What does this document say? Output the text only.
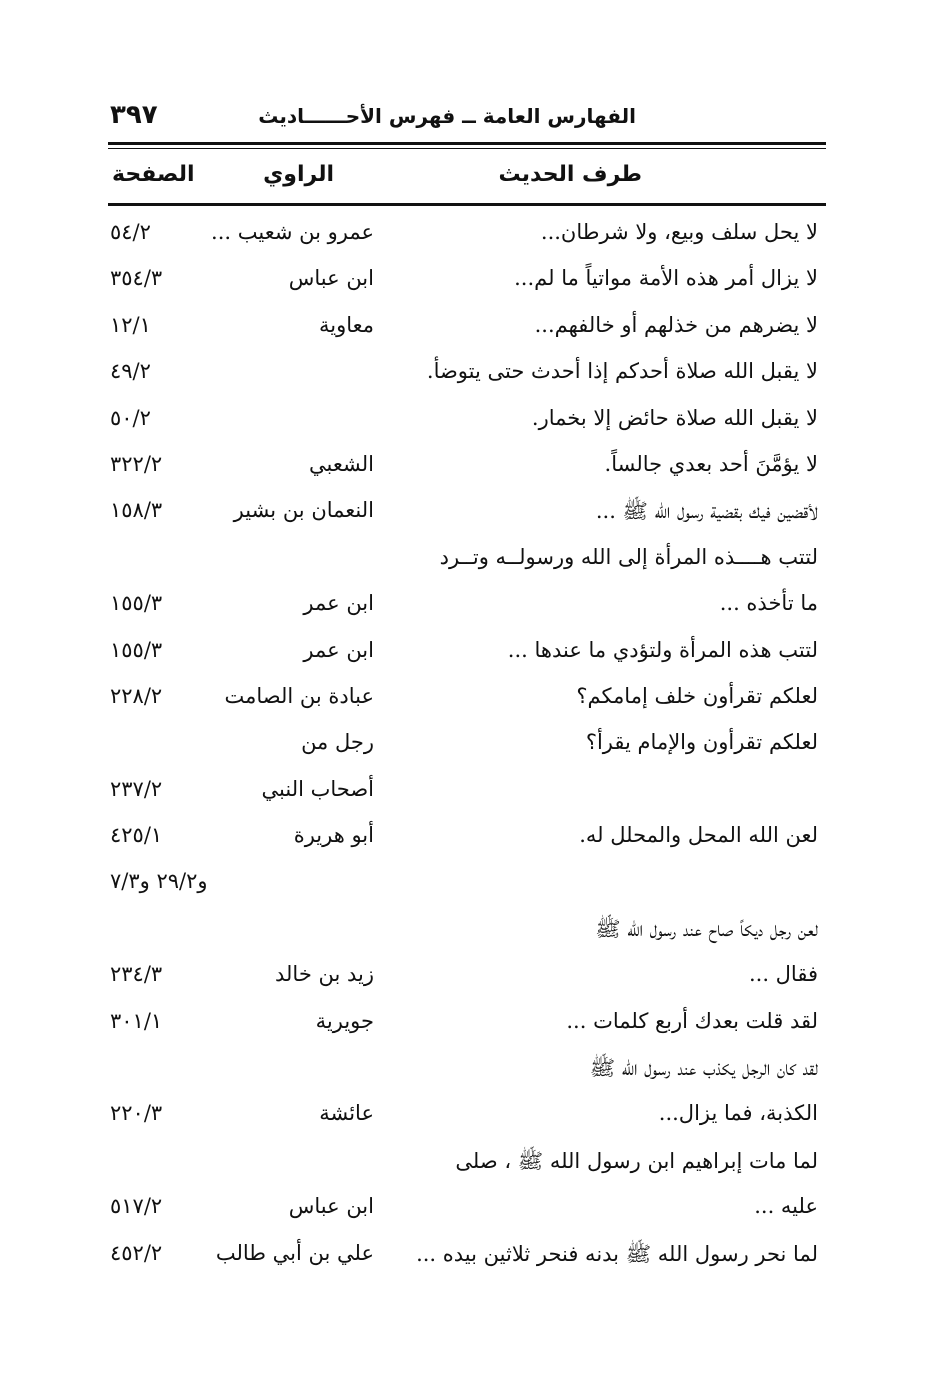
الفهارس العامة ــ فهرس الأحــــــاديث
٣٩٧
طرف الحديث
الراوي
الصفحة
لا يحل سلف وبيع، ولا شرطان...
عمرو بن شعيب ...
٥٤/٢
لا يزال أمر هذه الأمة مواتياً ما لم...
ابن عباس
٣٥٤/٣
لا يضرهم من خذلهم أو خالفهم...
معاوية
١٢/١
لا يقبل الله صلاة أحدكم إذا أحدث حتى يتوضأ.
٤٩/٢
لا يقبل الله صلاة حائض إلا بخمار.
٥٠/٢
لا يؤمَّنَ أحد بعدي جالساً.
الشعبي
٣٢٢/٢
لأقضين فيك بقضية رسول الله ﷺ ...
النعمان بن بشير
١٥٨/٣
لتتب هــــذه المرأة إلى الله ورسولــه وتــرد
ما تأخذه ...
ابن عمر
١٥٥/٣
لتتب هذه المرأة ولتؤدي ما عندها ...
ابن عمر
١٥٥/٣
لعلكم تقرأون خلف إمامكم؟
عبادة بن الصامت
٢٢٨/٢
لعلكم تقرأون والإمام يقرأ؟
رجل من
أصحاب النبي
٢٣٧/٢
لعن الله المحل والمحلل له.
أبو هريرة
٤٢٥/١
و٢٩/٢ و٧/٣
لعن رجل ديكاً صاح عند رسول الله ﷺ
فقال ...
زيد بن خالد
٢٣٤/٣
لقد قلت بعدك أربع كلمات ...
جويرية
٣٠١/١
لقد كان الرجل يكذب عند رسول الله ﷺ
الكذبة، فما يزال...
عائشة
٢٢٠/٣
لما مات إبراهيم ابن رسول الله ﷺ ، صلى
عليه ...
ابن عباس
٥١٧/٢
لما نحر رسول الله ﷺ بدنه فنحر ثلاثين بيده ...
علي بن أبي طالب
٤٥٢/٢
